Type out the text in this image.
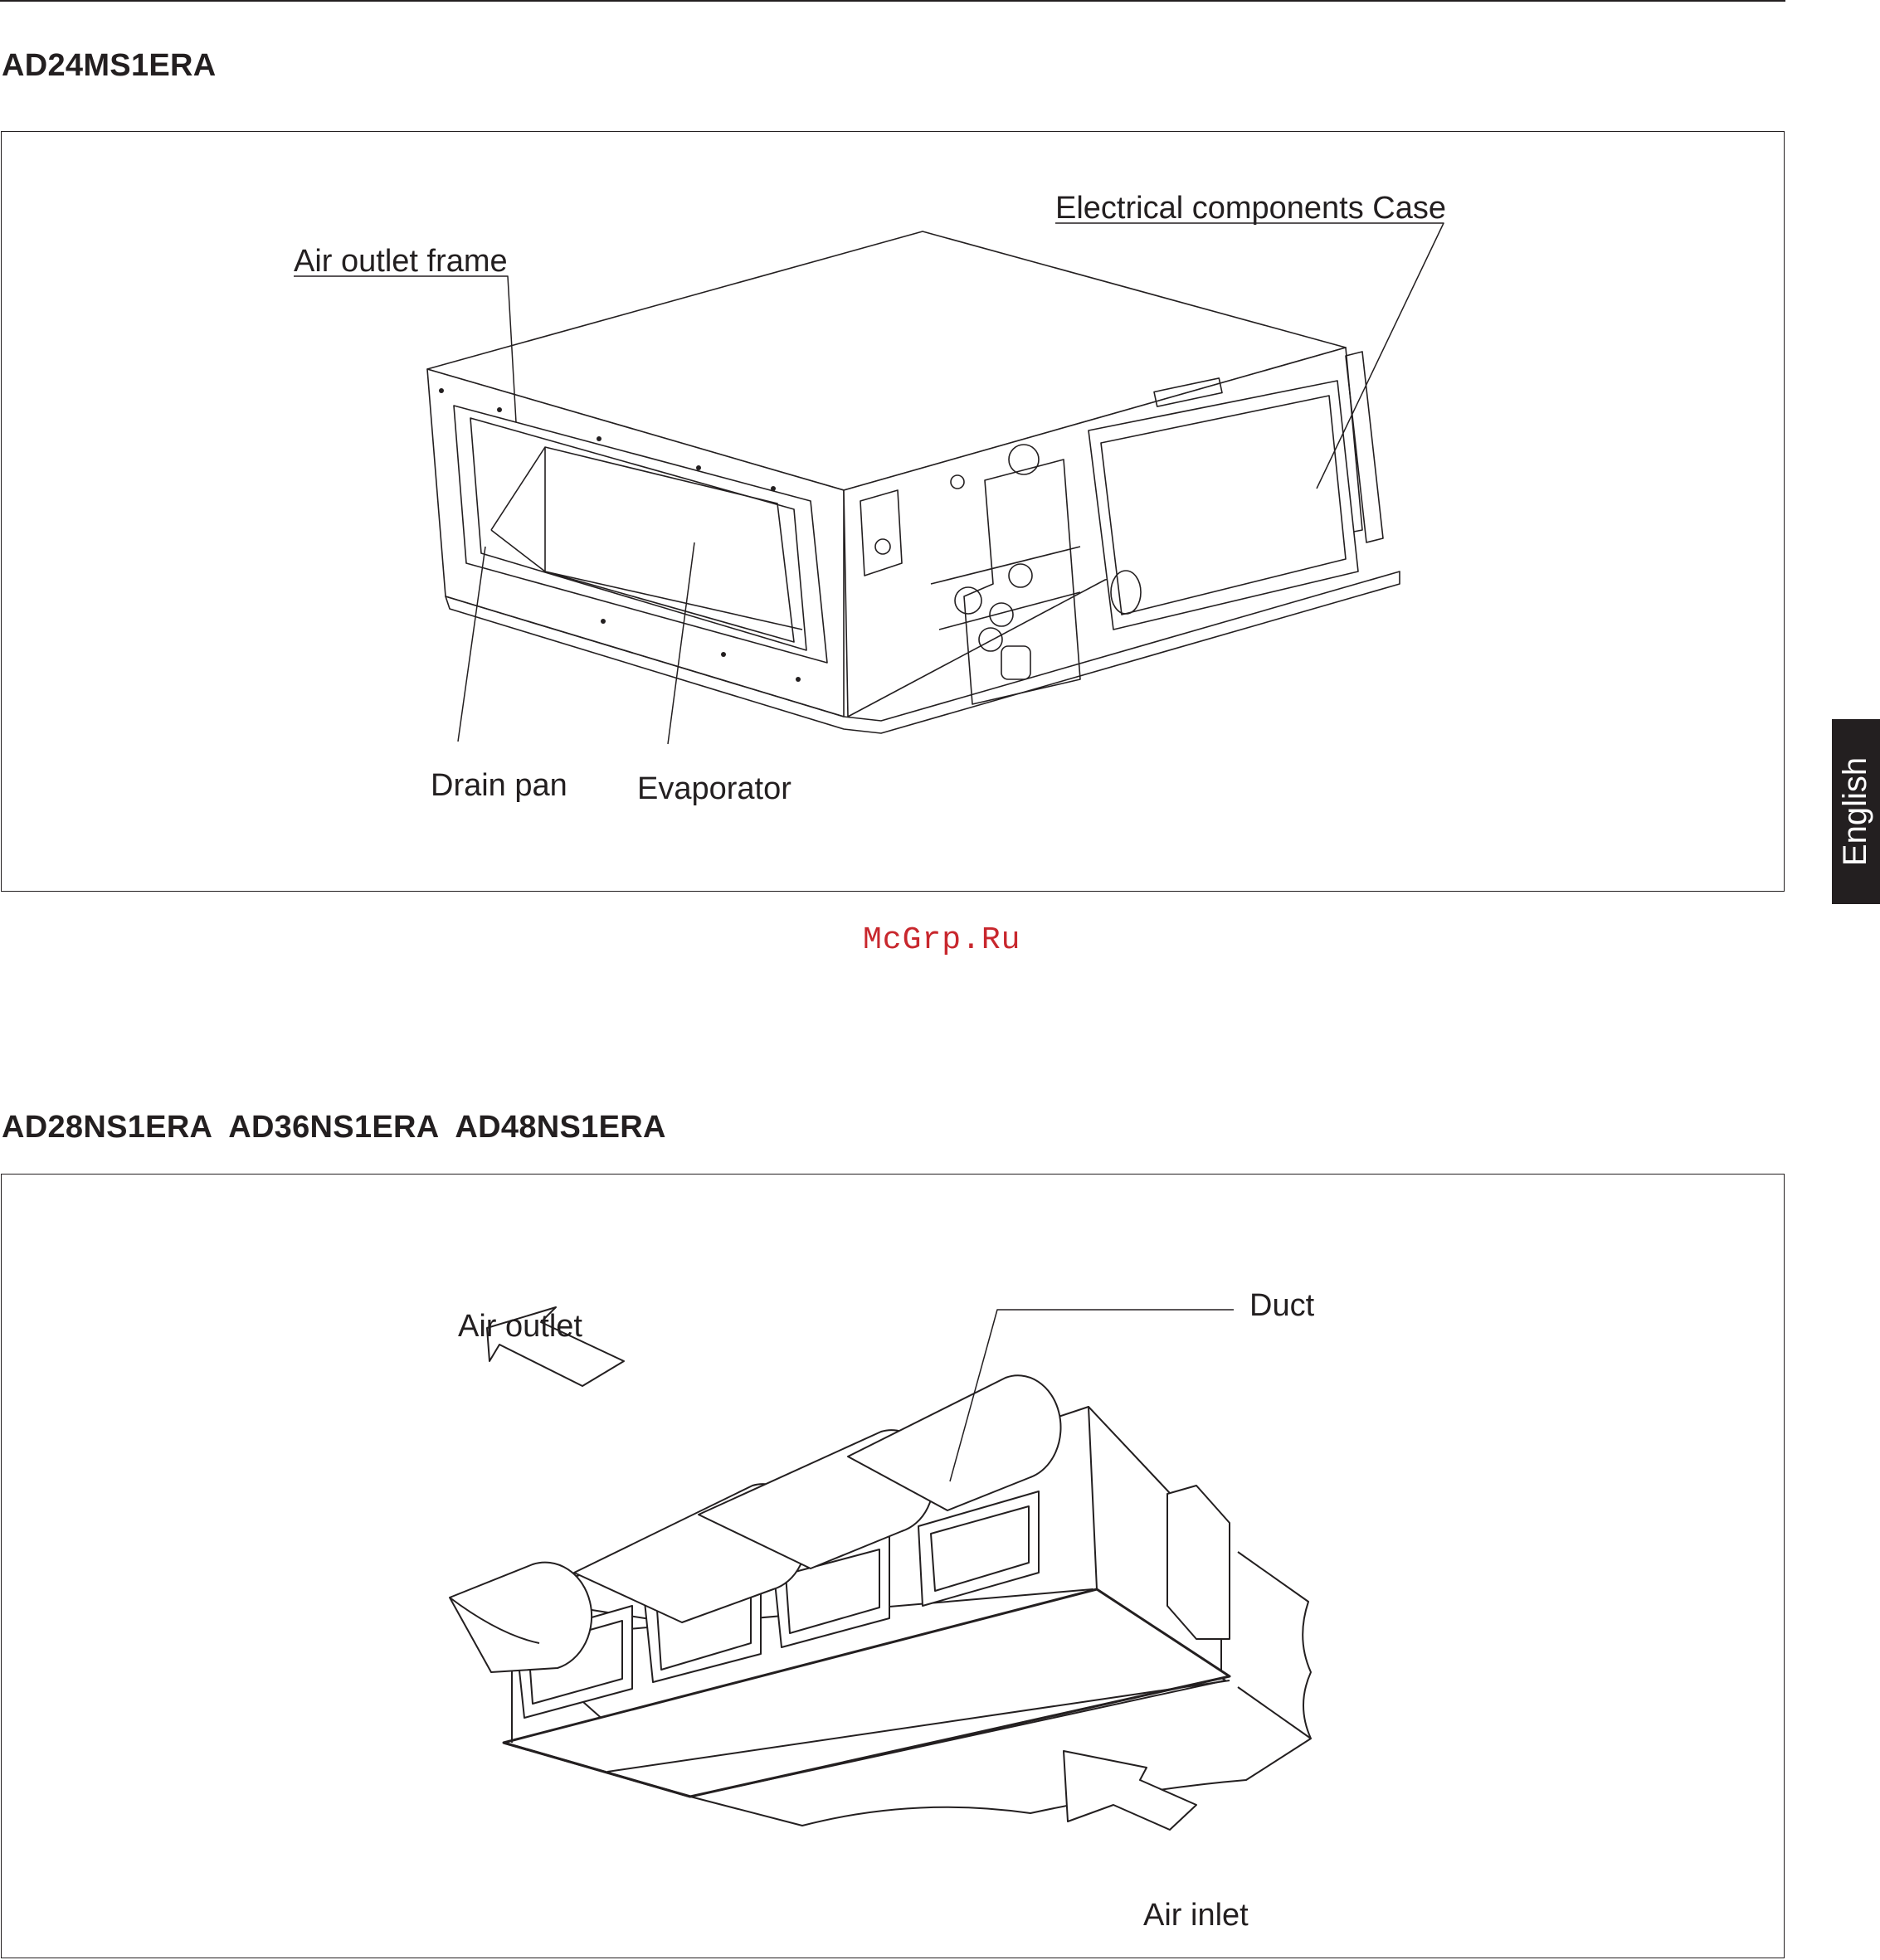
AD24MS1ERA
Air outlet frame
Electrical components Case
Drain pan Evaporator
McGrp.Ru
AD28NS1ERA  AD36NS1ERA  AD48NS1ERA
Air outlet
Duct
Air inlet
English
